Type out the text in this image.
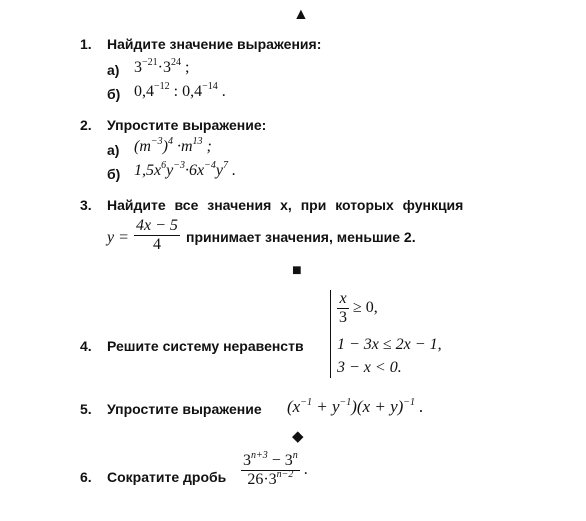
▲
■
◆
1. Найдите значение выражения:
а) $3^{-21}\cdot 3^{24}$ ;
б) $0,4^{-12}$ : $0,4^{-14}$ .
2. Упростите выражение:
а) $(m^{-3})^4 \cdot m^{13}$ ;
б) $1,5x^6y^{-3}\cdot 6x^{-4}y^7$ .
3. Найдите все значения x, при которых функция
$y = \frac{4x - 5}{4}$ принимает значения, меньшие 2.
4. Решите систему неравенств
$\frac{x}{3} \ge 0$,
1 − 3x ≤ 2x − 1,
3 − x < 0.
5. Упростите выражение $(x^{-1} + y^{-1})(x + y)^{-1}$ .
6. Сократите дробь $\frac{3^{n+3} - 3^n}{26\cdot 3^{n-2}}$ .
